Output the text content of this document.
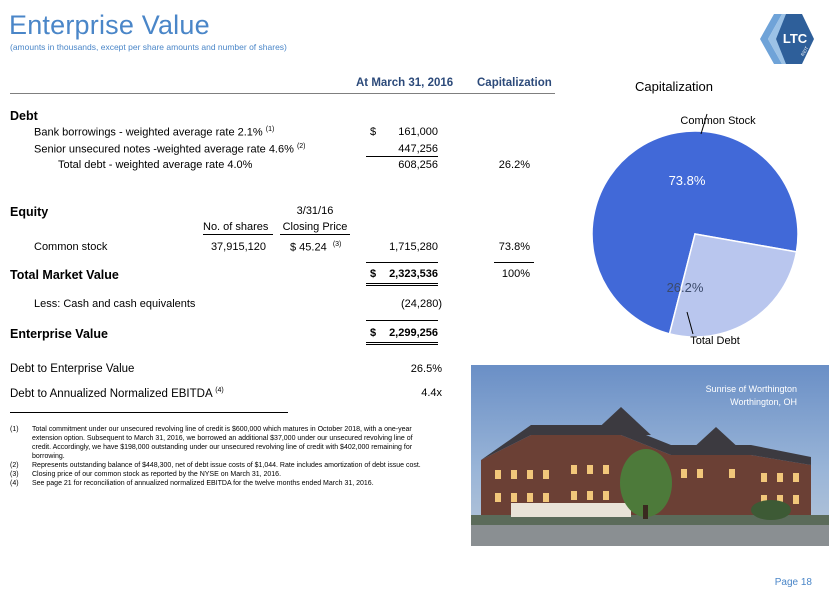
Enterprise Value
(amounts in thousands, except per share amounts and number of shares)
LTC
REIT
At March 31, 2016 Capitalization
Debt
Bank borrowings - weighted average rate 2.1% $^{(1)}$	$	161,000
Senior unsecured notes -weighted average rate 4.6% $^{(2)}$	447,256
Total debt - weighted average rate 4.0%	608,256	26.2%
Equity	3/31/16
No. of shares	Closing Price
Common stock	37,915,120 $ 45.24 $^{(3)}$	1,715,280	73.8%
Total Market Value	$	2,323,536	100%
Less: Cash and cash equivalents	(24,280)
Enterprise Value	$	2,299,256
Debt to Enterprise Value	26.5%
Debt to Annualized Normalized EBITDA $^{(4)}$	4.4x
(1)	Total commitment under our unsecured revolving line of credit is $600,000 which matures in October 2018, with a one-year extension option. Subsequent to March 31, 2016, we borrowed an additional $37,000 under our unsecured revolving line of credit. Accordingly, we have $198,000 outstanding under our unsecured revolving line of credit with $402,000 remaining for borrowing.
(2)	Represents outstanding balance of $448,300, net of debt issue costs of $1,044. Rate includes amortization of debt issue cost.
(3)	Closing price of our common stock as reported by the NYSE on March 31, 2016.
(4)	See page 21 for reconciliation of annualized normalized EBITDA for the twelve months ended March 31, 2016.
Capitalization
73.8%
26.2%
Common Stock
Total Debt
Sunrise of Worthington
Worthington, OH
Page 18
